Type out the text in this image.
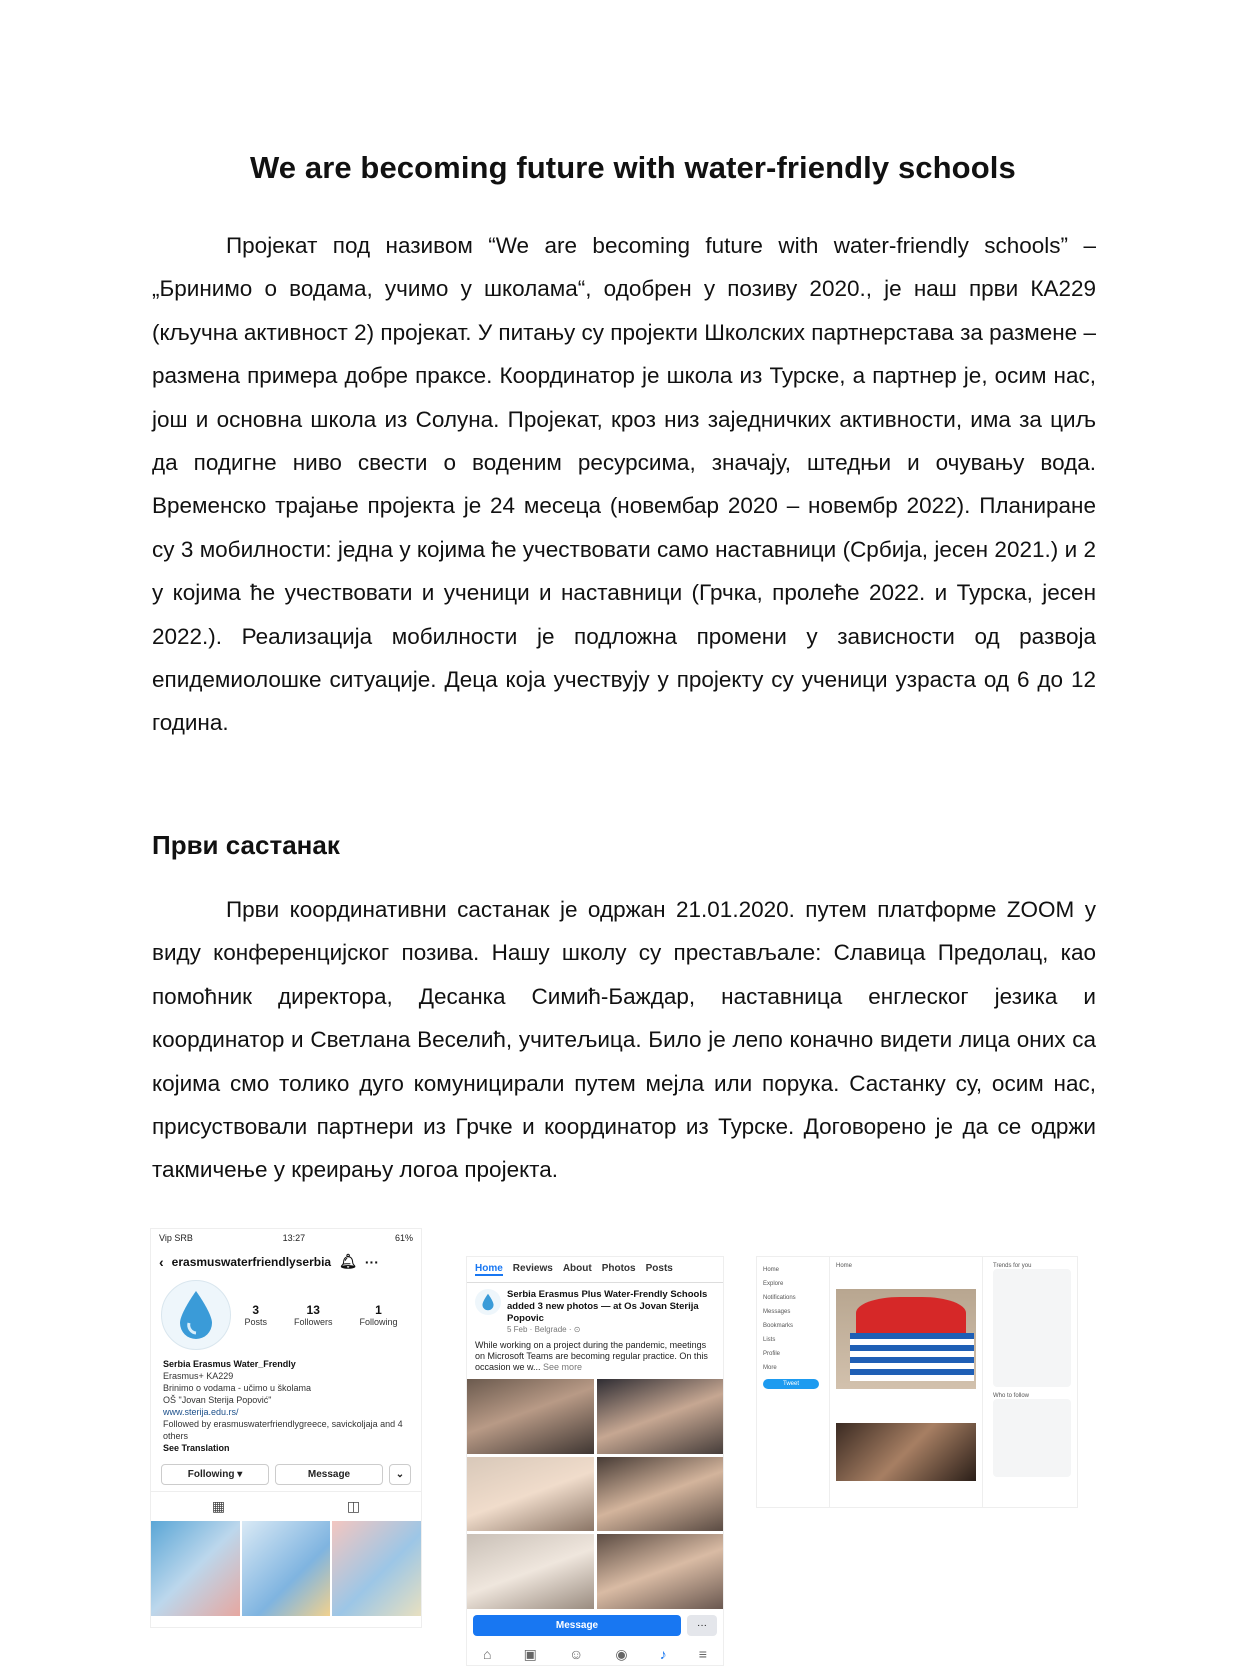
We are becoming future with water-friendly schools

Пројекат под називом “We are becoming future with water-friendly schools” – „Бринимо о водама, учимо у школама“, одобрен у позиву 2020., је наш први КА229 (кључна активност 2) пројекат. У питању су пројекти Школских партнерстава за размене – размена примера добре праксе. Координатор је школа из Турске, а партнер је, осим нас, још и основна школа из Солуна. Пројекат, кроз низ заједничких активности, има за циљ да подигне ниво свести о воденим ресурсима, значају, штедњи и очувању вода. Временско трајање пројекта је 24 месеца (новембар 2020 – новембр 2022). Планиране су 3 мобилности: једна у којима ће учествовати само наставници (Србија, јесен 2021.) и 2 у којима ће учествовати и ученици и наставници (Грчка, пролеће 2022. и Турска, јесен 2022.). Реализација мобилности је подложна промени у зависности од развоја епидемиолошке ситуације. Деца која учествују у пројекту су ученици узраста од 6 до 12 година.

Први састанак

Први координативни састанак је одржан 21.01.2020. путем платформе ZOOM у виду конференцијског позива. Нашу школу су престављале: Славица Предолац, као помоћник директора, Десанка Симић-Баждар, наставница енглеског језика и координатор и Светлана Веселић, учитељица. Било је лепо коначно видети лица оних са којима смо толико дуго комуницирали путем мејла или порука. Састанку су, осим нас, присуствовали партнери из Грчке и координатор из Турске. Договорено је да се одржи такмичење у креирању логоа пројекта.

Vip SRB	13:27	61%
‹ erasmuswaterfriendlyserbia 🔔︎ ···
3
Posts
13
Followers
1
Following
Serbia Erasmus Water_Frendly
Erasmus+ KA229
Brinimo o vodama - učimo u školama
OŠ "Jovan Sterija Popović"
www.sterija.edu.rs/
Followed by erasmuswaterfriendlygreece, savickoljaja and 4 others
See Translation
Following ▾	Message	⌄
▦	◫
Home Reviews About Photos Posts
Serbia Erasmus Plus Water-Frendly Schools added 3 new photos — at Os Jovan Sterija Popovic
5 Feb · Belgrade · ⊙
While working on a project during the pandemic, meetings on Microsoft Teams are becoming regular practice. On this occasion we w... See more
Message	···
⌂ ▣ ☺ ◉ ♪ ≡
Home
Explore
Notifications
Messages
Bookmarks
Lists
Profile
More
Tweet
Home	Trends for you
Who to follow
